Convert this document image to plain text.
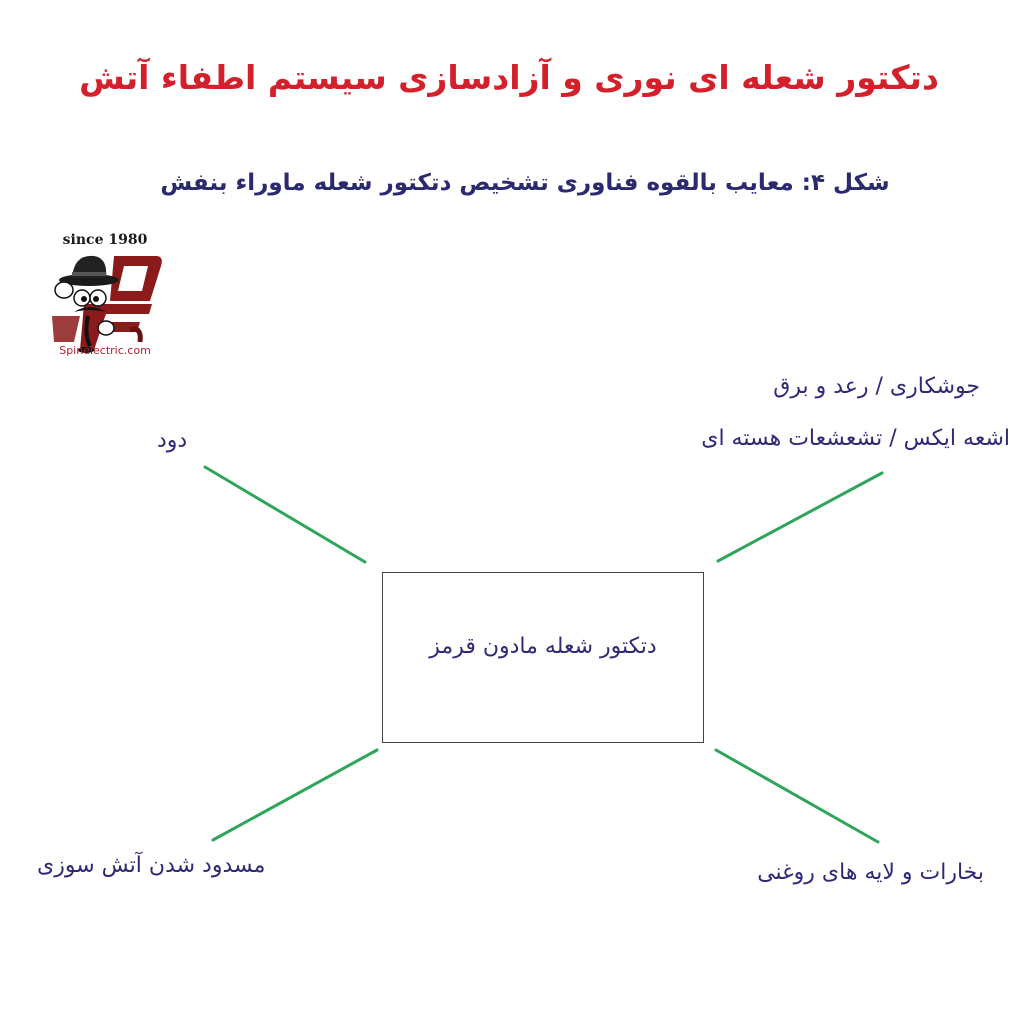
دتکتور شعله ای نوری و آزادسازی سیستم اطفاء آتش
شکل ۴: معایب بالقوه فناوری تشخیص دتکتور شعله ماوراء بنفش
since 1980
Spinelectric.com
دتکتور شعله مادون قرمز
دود
جوشکاری / رعد و برق
اشعه ایکس / تشعشعات هسته ای
مسدود شدن آتش سوزی	بخارات و لایه های روغنی
